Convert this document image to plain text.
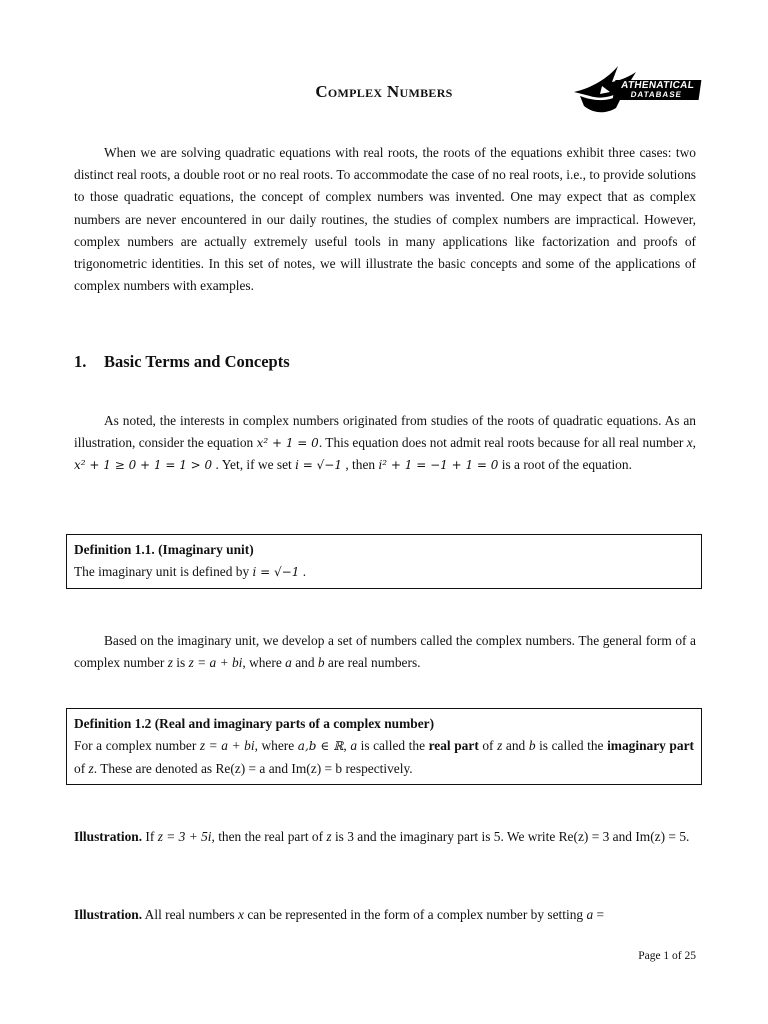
Complex Numbers	ATHENATICAL
DATABASE

When we are solving quadratic equations with real roots, the roots of the equations exhibit three cases: two distinct real roots, a double root or no real roots. To accommodate the case of no real roots, i.e., to provide solutions to those quadratic equations, the concept of complex numbers was invented. One may expect that as complex numbers are never encountered in our daily routines, the studies of complex numbers are impractical. However, complex numbers are actually extremely useful tools in many applications like factorization and proofs of trigonometric identities. In this set of notes, we will illustrate the basic concepts and some of the applications of complex numbers with examples.

1. Basic Terms and Concepts

As noted, the interests in complex numbers originated from studies of the roots of quadratic equations. As an illustration, consider the equation x² + 1 = 0. This equation does not admit real roots because for all real number x, x² + 1 ≥ 0 + 1 = 1 > 0 . Yet, if we set i = √−1 , then i² + 1 = −1 + 1 = 0 is a root of the equation.

Definition 1.1. (Imaginary unit)
The imaginary unit is defined by i = √−1 .

Based on the imaginary unit, we develop a set of numbers called the complex numbers. The general form of a complex number z is z = a + bi, where a and b are real numbers.

Definition 1.2 (Real and imaginary parts of a complex number)
For a complex number z = a + bi, where a,b ∈ ℝ, a is called the real part of z and b is called the imaginary part of z. These are denoted as Re(z) = a and Im(z) = b respectively.

Illustration. If z = 3 + 5i, then the real part of z is 3 and the imaginary part is 5. We write Re(z) = 3 and Im(z) = 5.

Illustration. All real numbers x can be represented in the form of a complex number by setting a =

Page 1 of 25
